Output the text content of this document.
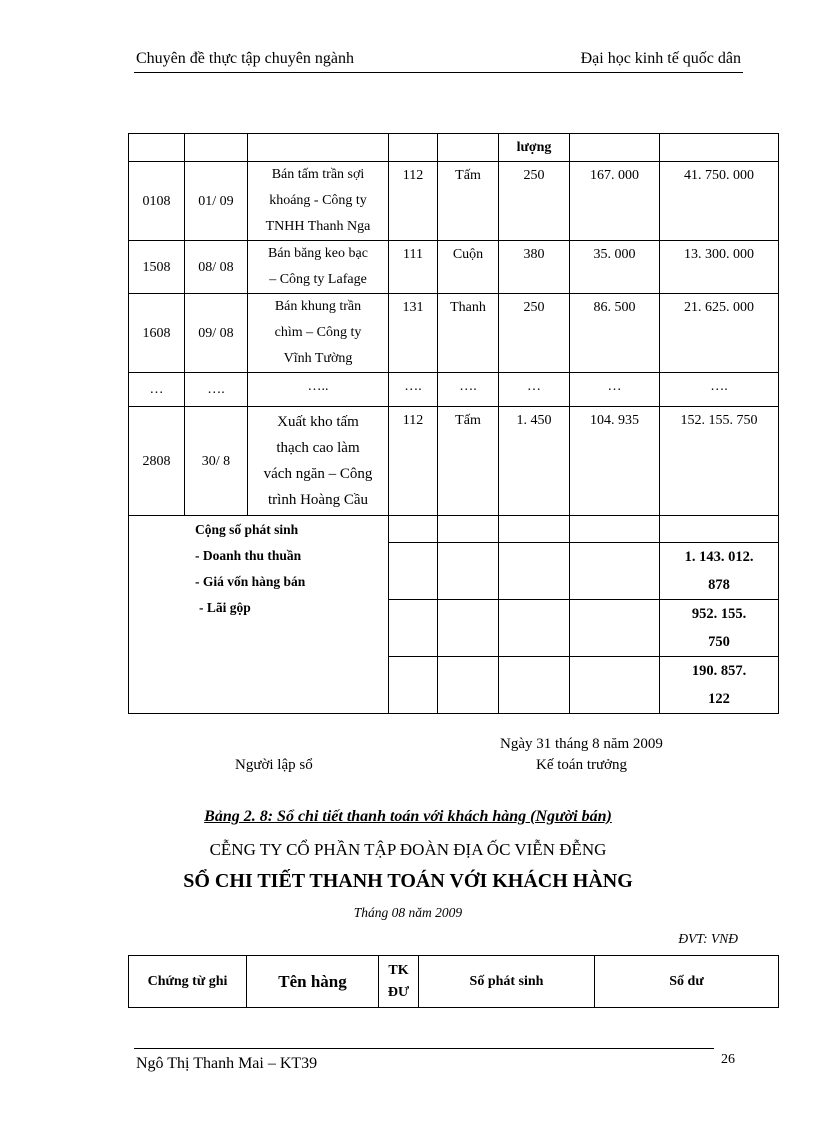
Chuyên đề thực tập chuyên ngành	Đại học kinh tế quốc dân
					lượng		
0108	01/ 09	Bán tấm trần sợi
khoáng - Công ty
TNHH Thanh Nga	112	Tấm	250	167. 000	41. 750. 000
1508	08/ 08	Bán băng keo bạc
– Công ty Lafage	111	Cuộn	380	35. 000	13. 300. 000
1608	09/ 08	Bán khung trần
chìm – Công ty
Vĩnh Tường	131	Thanh	250	86. 500	21. 625. 000
…	….	…..	….	….	…	…	….
2808	30/ 8	Xuất kho tấm
thạch cao làm
vách ngăn – Công
trình Hoàng Cầu	112	Tấm	1. 450	104. 935	152. 155. 750

Cộng số phát sinh
- Doanh thu thuần
- Giá vốn hàng bán
- Lãi gộp							

							1. 143. 012.
878

							952. 155.
750

							190. 857.
122
Ngày 31 tháng 8 năm 2009
Người lập sổ	Kế toán trưởng
Bảng 2. 8: Sổ chi tiết thanh toán với khách hàng (Người bán)
CỄNG TY CỔ PHẦN TẬP ĐOÀN ĐỊA ỐC VIỄN ĐỄNG
SỔ CHI TIẾT THANH TOÁN VỚI KHÁCH HÀNG
Tháng 08 năm 2009
ĐVT: VNĐ
Chứng từ ghi	Tên hàng	
TK
ĐƯ
	Số phát sinh	Số dư
Ngô Thị Thanh Mai – KT39	26
